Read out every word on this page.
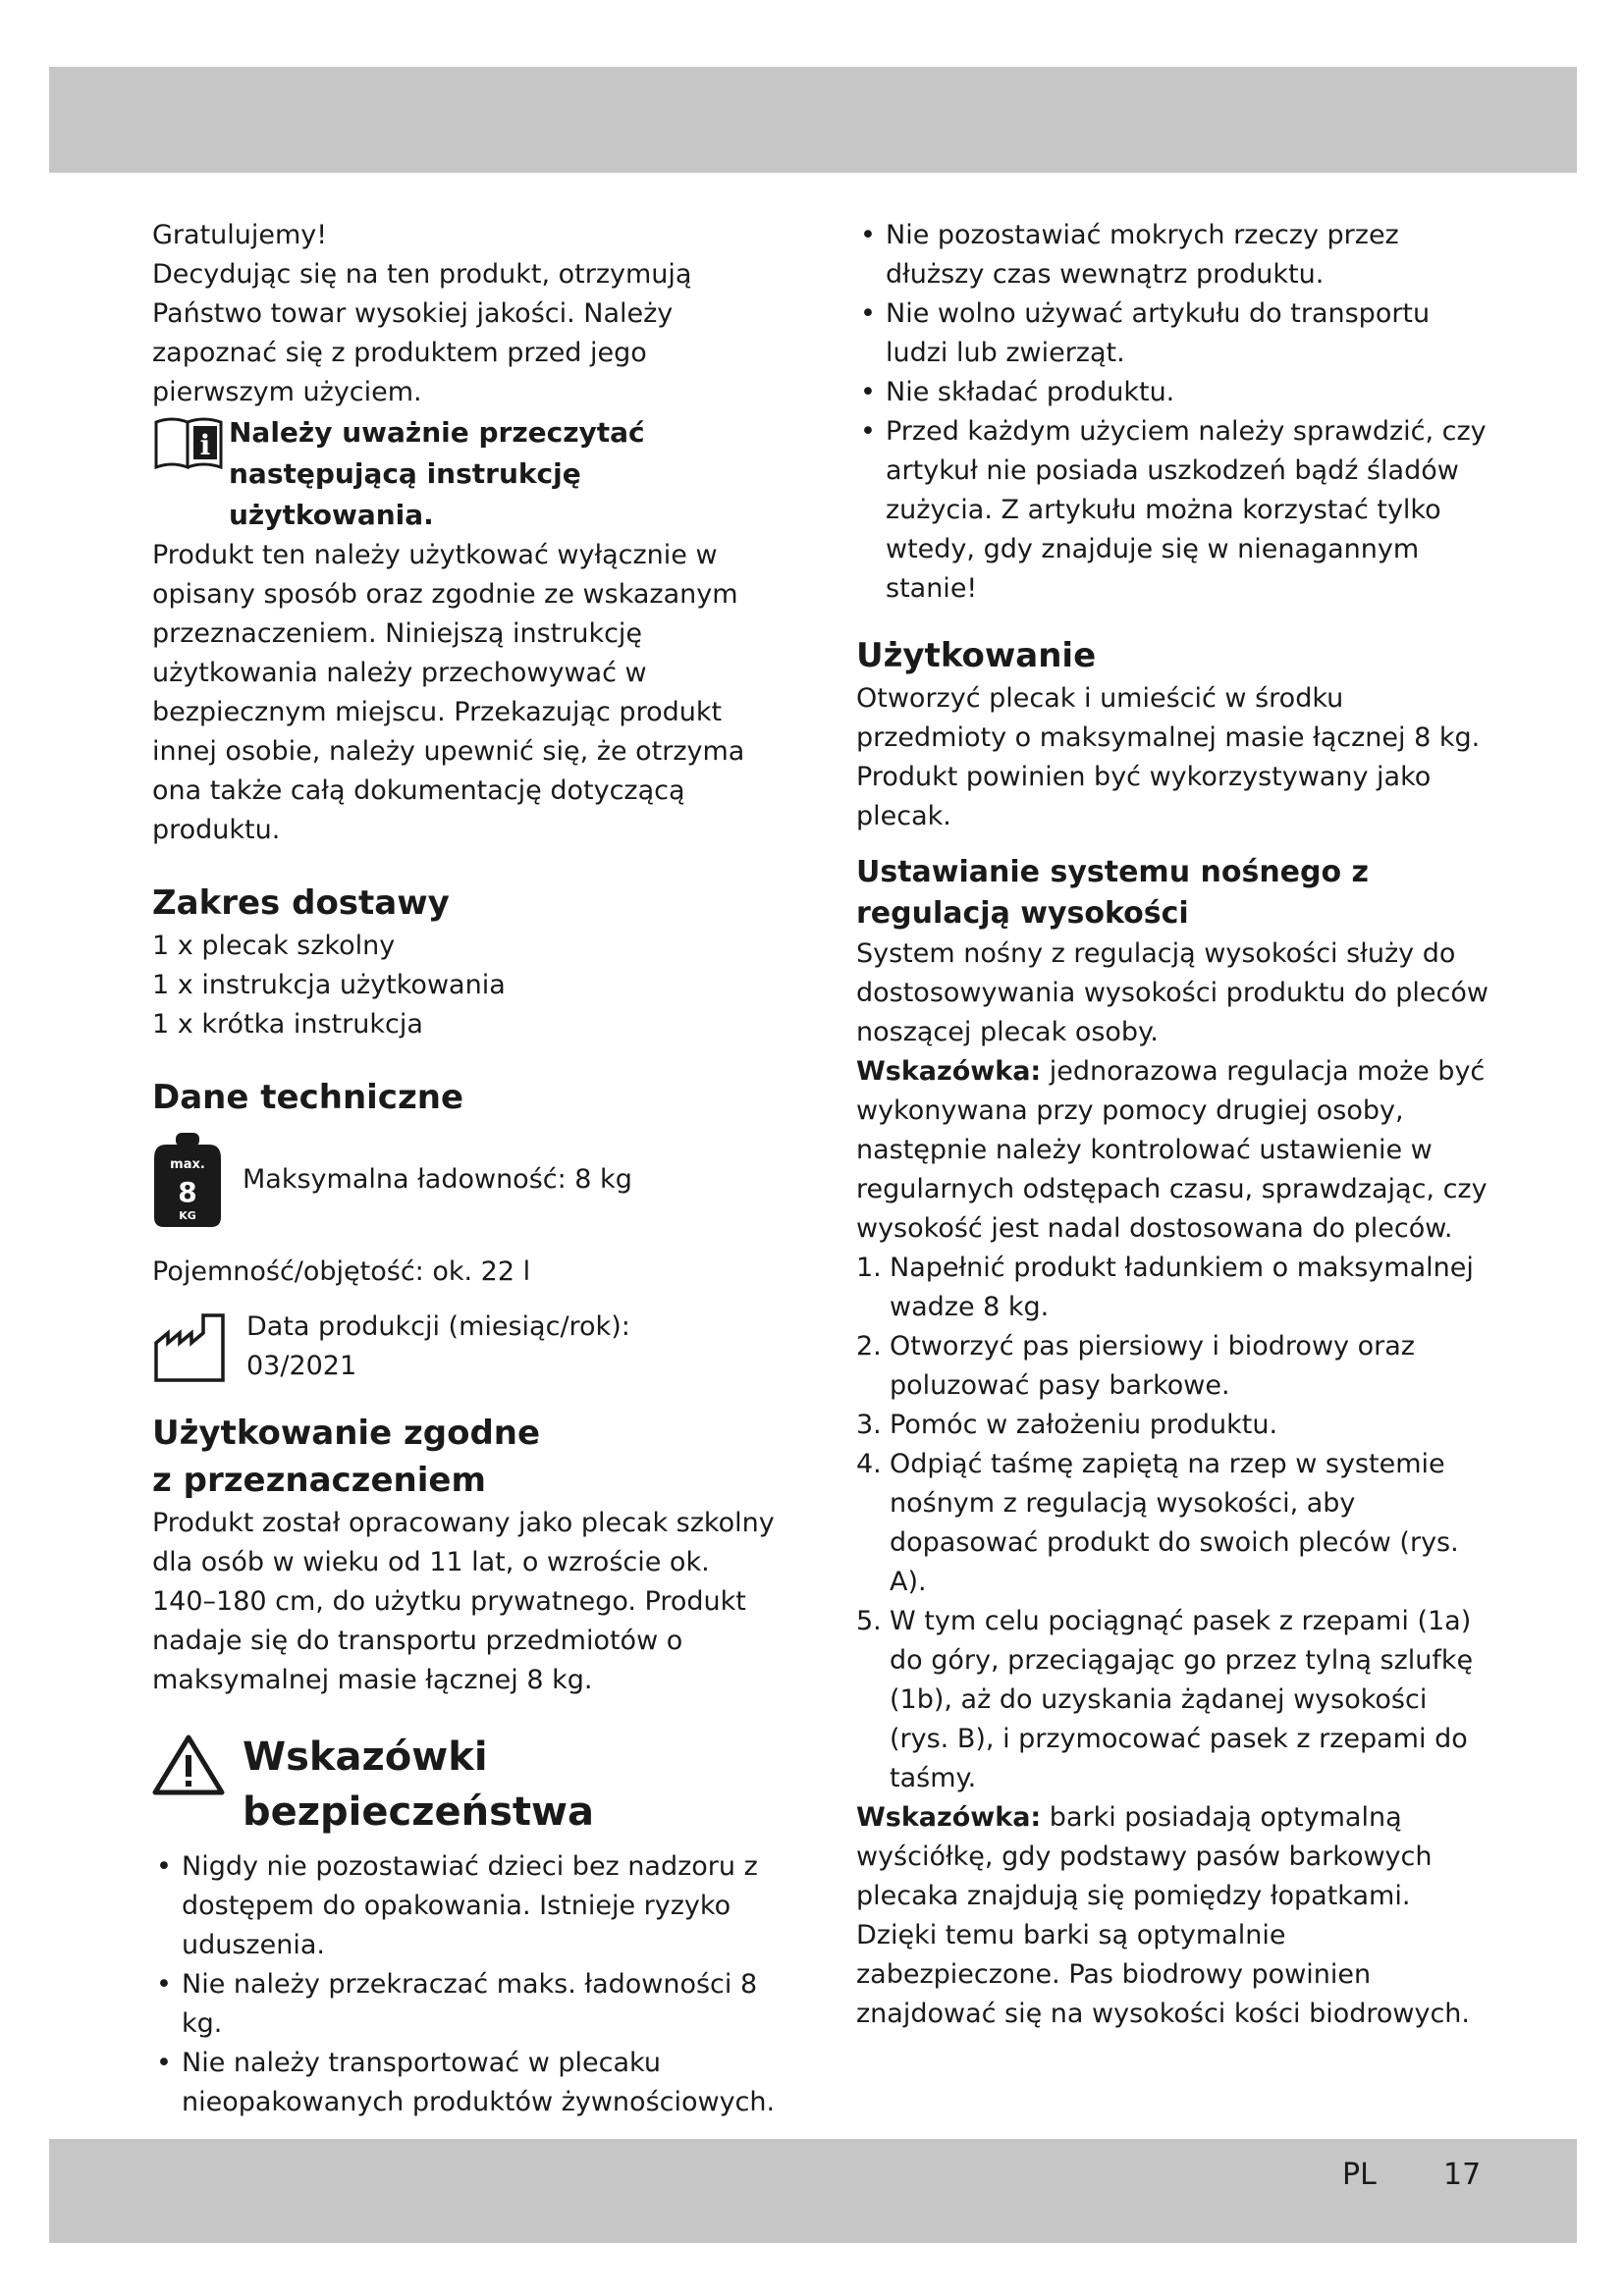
Gratulujemy!

Decydując się na ten produkt, otrzymują Państwo towar wysokiej jakości. Należy zapoznać się z produktem przed jego pierwszym użyciem.

i Należy uważnie przeczytać następującą instrukcję użytkowania.

Produkt ten należy użytkować wyłącznie w opisany sposób oraz zgodnie ze wskazanym przeznaczeniem. Niniejszą instrukcję użytkowania należy przechowywać w bezpiecznym miejscu. Przekazując produkt innej osobie, należy upewnić się, że otrzyma ona także całą dokumentację dotyczącą produktu.

Zakres dostawy

1 x plecak szkolny

1 x instrukcja użytkowania

1 x krótka instrukcja

Dane techniczne
max.
8
KG
Maksymalna ładowność: 8 kg

Pojemność/objętość: ok. 22 l

Data produkcji (miesiąc/rok):

03/2021

Użytkowanie zgodne
z przeznaczeniem

Produkt został opracowany jako plecak szkolny dla osób w wieku od 11 lat, o wzroście ok. 140–180 cm, do użytku prywatnego. Produkt nadaje się do transportu przedmiotów o maksymalnej masie łącznej 8 kg.

Wskazówki
bezpieczeństwa
• Nigdy nie pozostawiać dzieci bez nadzoru z dostępem do opakowania. Istnieje ryzyko uduszenia.
• Nie należy przekraczać maks. ładowności 8 kg.
• Nie należy transportować w plecaku nieopakowanych produktów żywnościowych.
• Nie pozostawiać mokrych rzeczy przez dłuższy czas wewnątrz produktu.
• Nie wolno używać artykułu do transportu ludzi lub zwierząt.
• Nie składać produktu.
• Przed każdym użyciem należy sprawdzić, czy artykuł nie posiada uszkodzeń bądź śladów zużycia. Z artykułu można korzystać tylko wtedy, gdy znajduje się w nienagannym stanie!
Użytkowanie

Otworzyć plecak i umieścić w środku przedmioty o maksymalnej masie łącznej 8 kg. Produkt powinien być wykorzystywany jako plecak.

Ustawianie systemu nośnego z regulacją wysokości

System nośny z regulacją wysokości służy do dostosowywania wysokości produktu do pleców noszącej plecak osoby.

Wskazówka: jednorazowa regulacja może być wykonywana przy pomocy drugiej osoby, następnie należy kontrolować ustawienie w regularnych odstępach czasu, sprawdzając, czy wysokość jest nadal dostosowana do pleców.

1. Napełnić produkt ładunkiem o maksymalnej wadze 8 kg.
2. Otworzyć pas piersiowy i biodrowy oraz poluzować pasy barkowe.
3. Pomóc w założeniu produktu.
4. Odpiąć taśmę zapiętą na rzep w systemie nośnym z regulacją wysokości, aby dopasować produkt do swoich pleców (rys. A).
5. W tym celu pociągnąć pasek z rzepami (1a) do góry, przeciągając go przez tylną szlufkę (1b), aż do uzyskania żądanej wysokości (rys. B), i przymocować pasek z rzepami do taśmy.

Wskazówka: barki posiadają optymalną wyściółkę, gdy podstawy pasów barkowych plecaka znajdują się pomiędzy łopatkami. Dzięki temu barki są optymalnie zabezpieczone. Pas biodrowy powinien znajdować się na wysokości kości biodrowych.

PL 17
